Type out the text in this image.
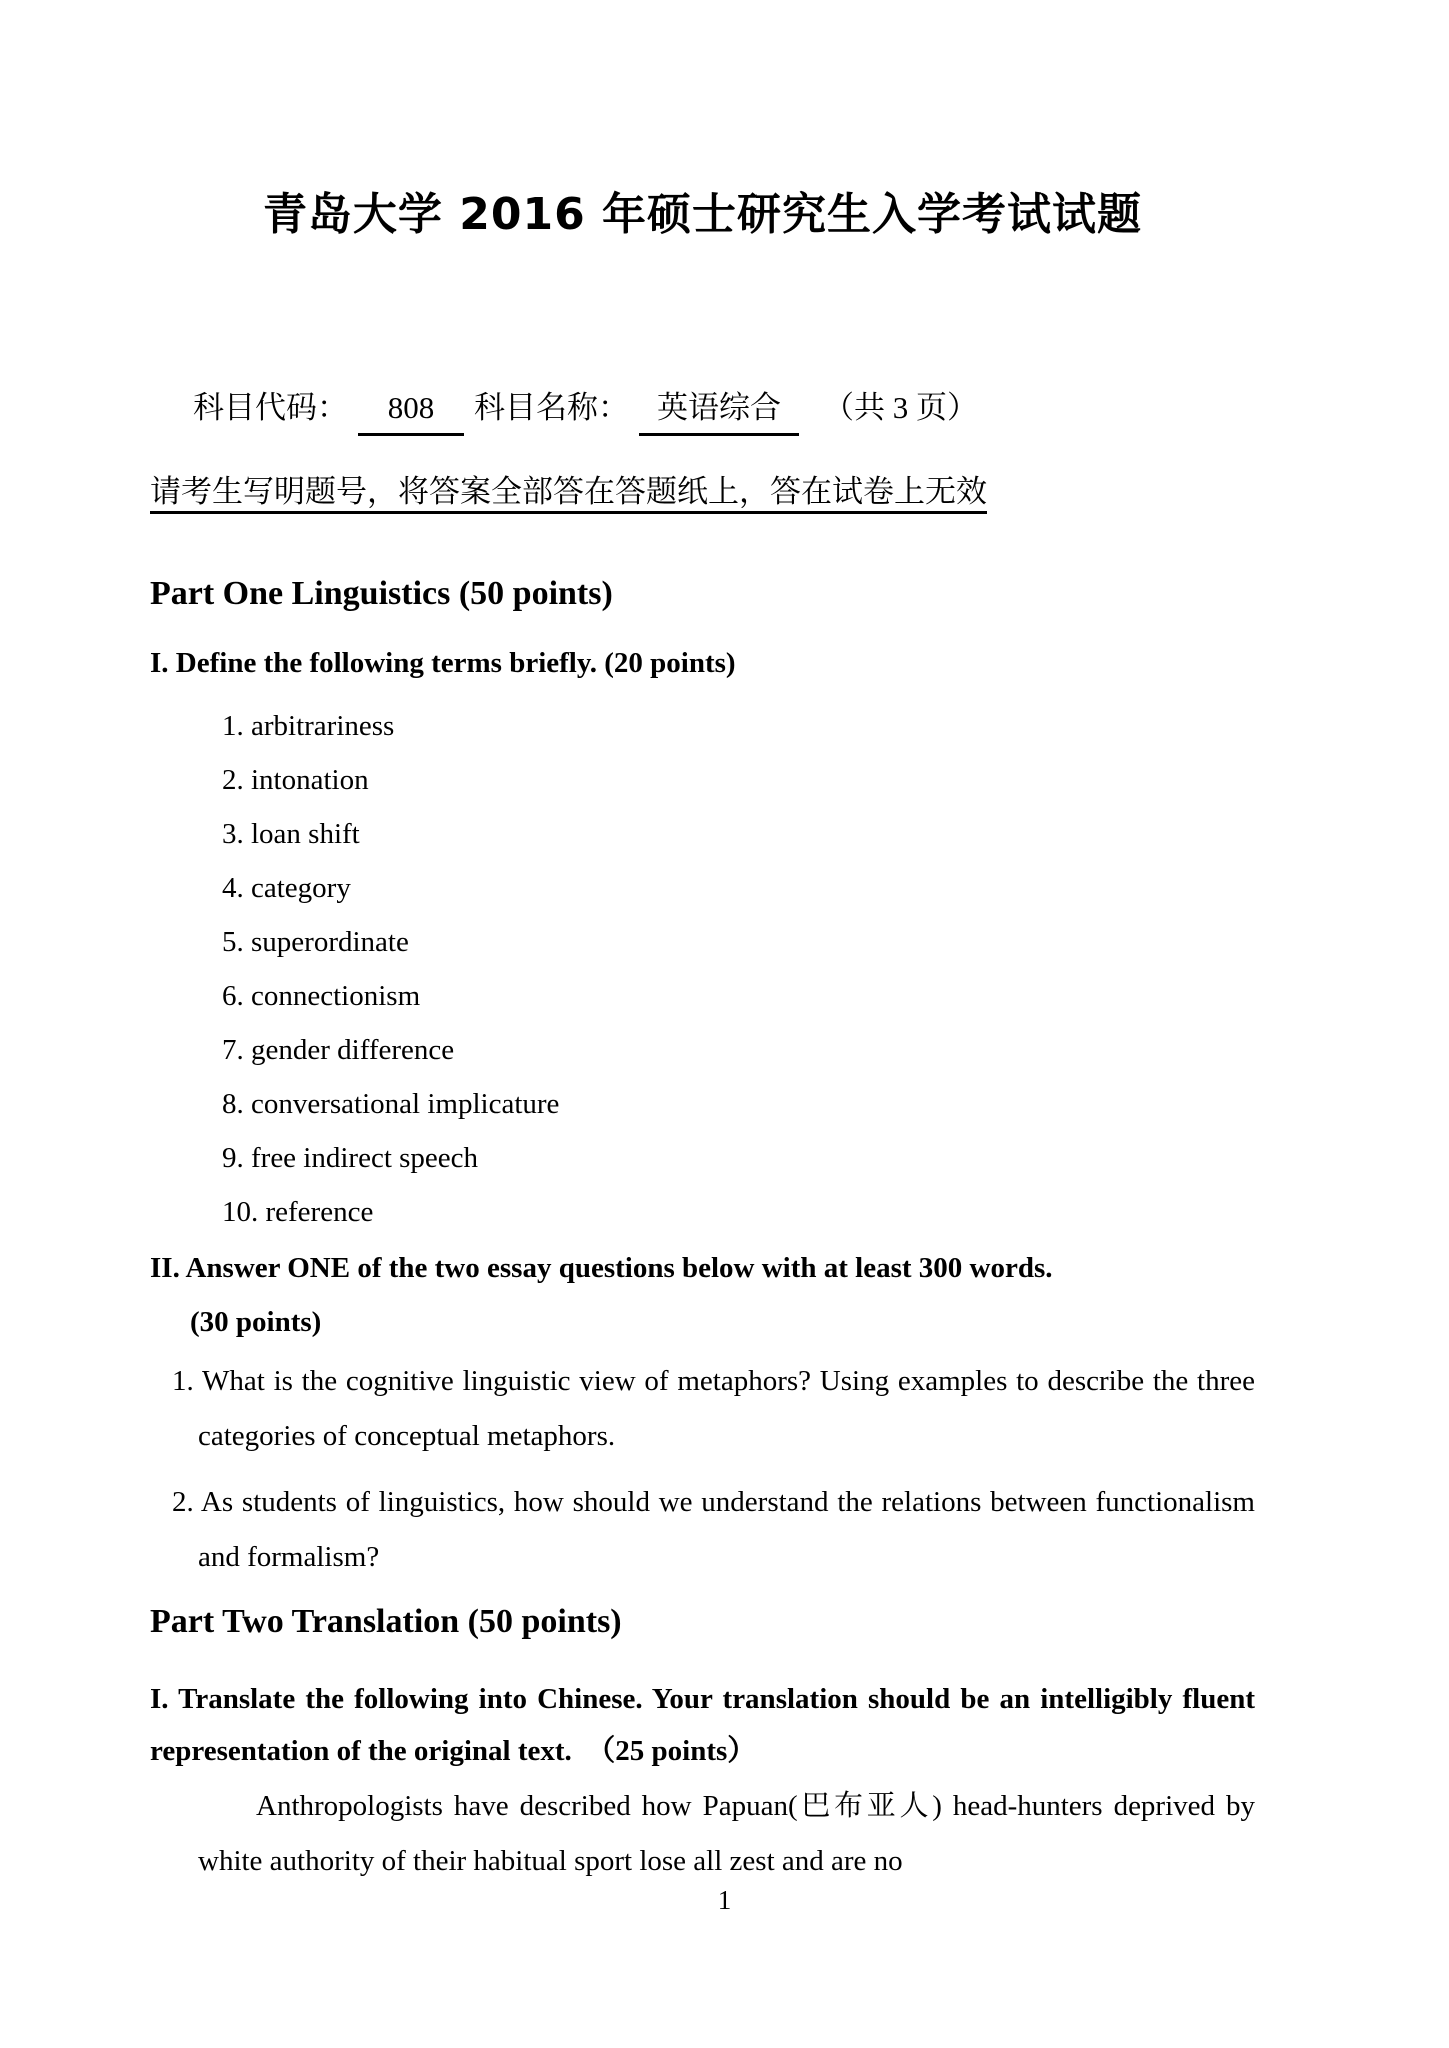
青岛大学 2016 年硕士研究生入学考试试题
科目代码： 808 科目名称： 英语综合 （共 3 页）
请考生写明题号，将答案全部答在答题纸上，答在试卷上无效
Part One Linguistics (50 points)
I. Define the following terms briefly. (20 points)
1. arbitrariness
2. intonation
3. loan shift
4. category
5. superordinate
6. connectionism
7. gender difference
8. conversational implicature
9. free indirect speech
10. reference
II. Answer ONE of the two essay questions below with at least 300 words.
(30 points)
1. What is the cognitive linguistic view of metaphors? Using examples to describe the three categories of conceptual metaphors.
2. As students of linguistics, how should we understand the relations between functionalism and formalism?
Part Two Translation (50 points)
I. Translate the following into Chinese. Your translation should be an intelligibly fluent representation of the original text.　（25 points）
Anthropologists have described how Papuan(巴布亚人) head-hunters deprived by white authority of their habitual sport lose all zest and are no
1
